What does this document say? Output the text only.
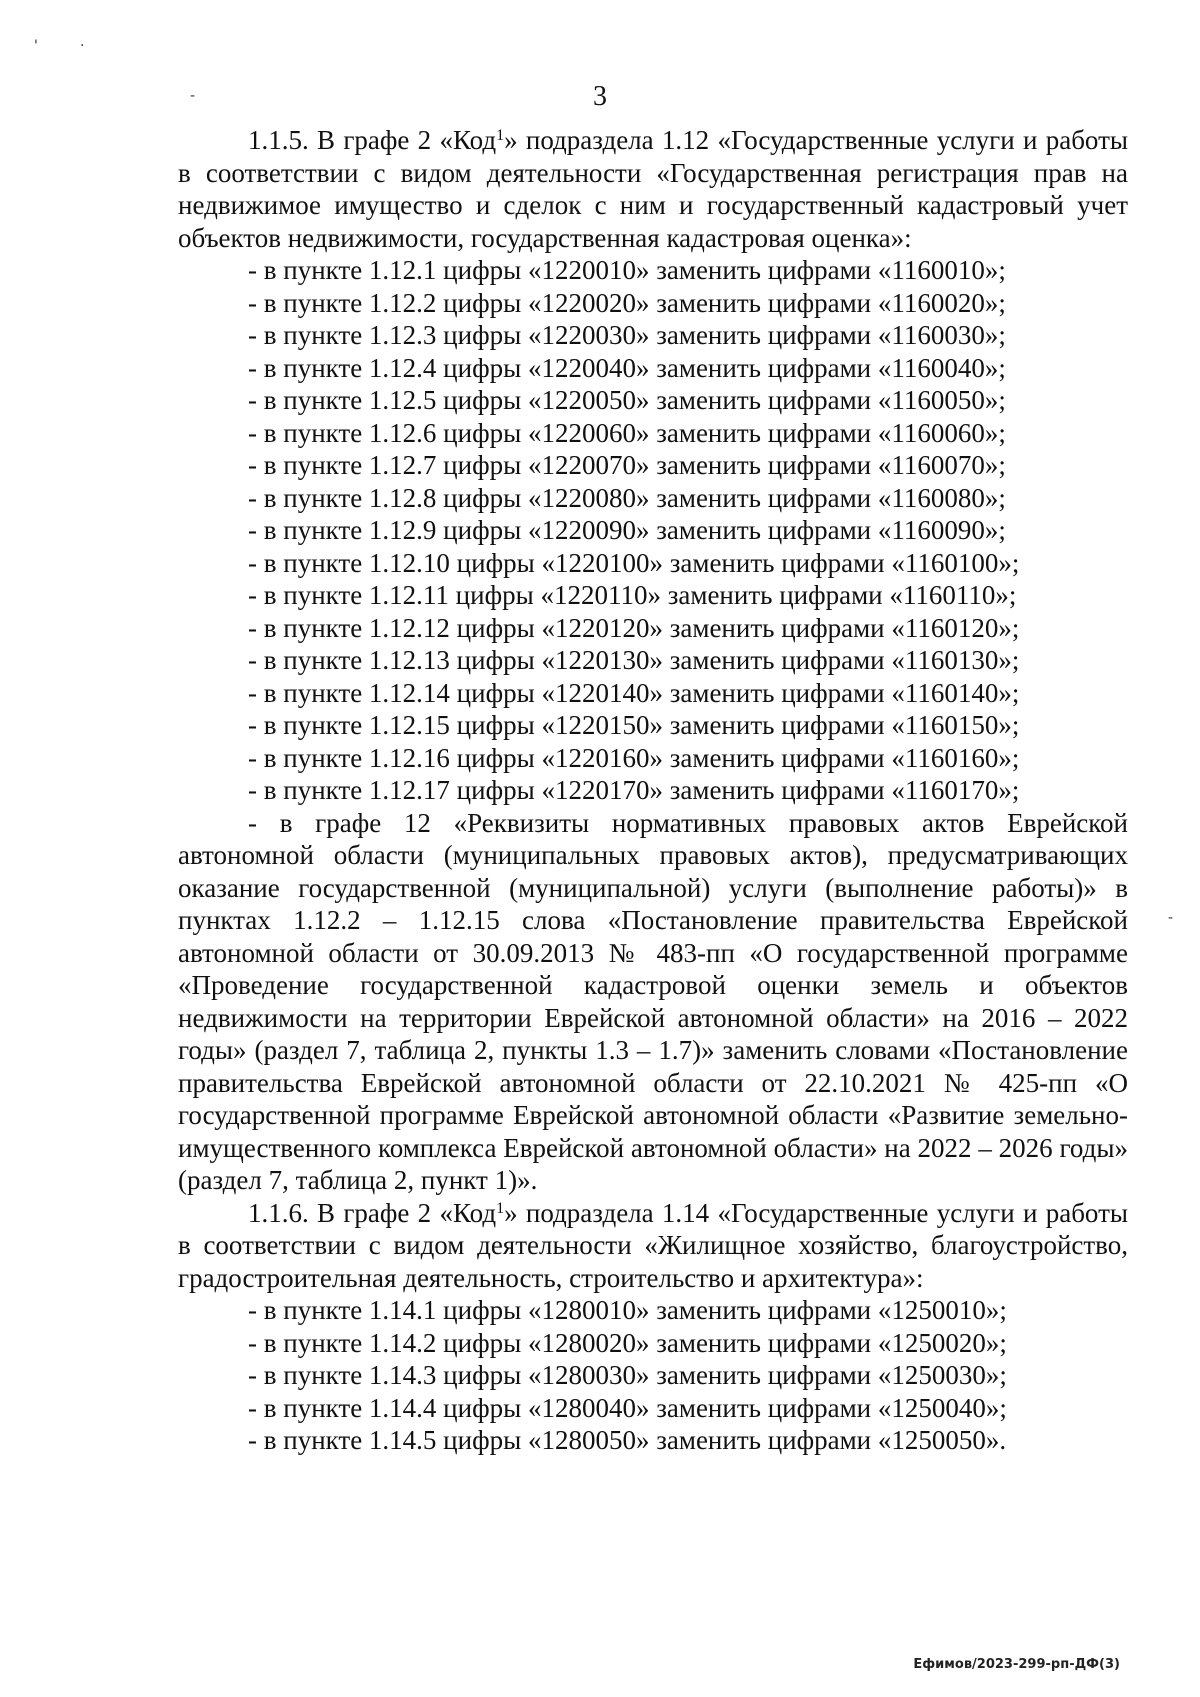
'	·
-
-
3

1.1.5. В графе 2 «Код$^1$» подраздела 1.12 «Государственные услуги и работы в соответствии с видом деятельности «Государственная регистрация прав на недвижимое имущество и сделок с ним и государственный кадастровый учет объектов недвижимости, государственная кадастровая оценка»:

- в пункте 1.12.1 цифры «1220010» заменить цифрами «1160010»;

- в пункте 1.12.2 цифры «1220020» заменить цифрами «1160020»;

- в пункте 1.12.3 цифры «1220030» заменить цифрами «1160030»;

- в пункте 1.12.4 цифры «1220040» заменить цифрами «1160040»;

- в пункте 1.12.5 цифры «1220050» заменить цифрами «1160050»;

- в пункте 1.12.6 цифры «1220060» заменить цифрами «1160060»;

- в пункте 1.12.7 цифры «1220070» заменить цифрами «1160070»;

- в пункте 1.12.8 цифры «1220080» заменить цифрами «1160080»;

- в пункте 1.12.9 цифры «1220090» заменить цифрами «1160090»;

- в пункте 1.12.10 цифры «1220100» заменить цифрами «1160100»;

- в пункте 1.12.11 цифры «1220110» заменить цифрами «1160110»;

- в пункте 1.12.12 цифры «1220120» заменить цифрами «1160120»;

- в пункте 1.12.13 цифры «1220130» заменить цифрами «1160130»;

- в пункте 1.12.14 цифры «1220140» заменить цифрами «1160140»;

- в пункте 1.12.15 цифры «1220150» заменить цифрами «1160150»;

- в пункте 1.12.16 цифры «1220160» заменить цифрами «1160160»;

- в пункте 1.12.17 цифры «1220170» заменить цифрами «1160170»;

- в графе 12 «Реквизиты нормативных правовых актов Еврейской автономной области (муниципальных правовых актов), предусматривающих оказание государственной (муниципальной) услуги (выполнение работы)» в пунктах 1.12.2 – 1.12.15 слова «Постановление правительства Еврейской автономной области от 30.09.2013 № 483-пп «О государственной программе «Проведение государственной кадастровой оценки земель и объектов недвижимости на территории Еврейской автономной области» на 2016 – 2022 годы» (раздел 7, таблица 2, пункты 1.3 – 1.7)» заменить словами «Постановление правительства Еврейской автономной области от 22.10.2021 № 425-пп «О государственной программе Еврейской автономной области «Развитие земельно-имущественного комплекса Еврейской автономной области» на 2022 – 2026 годы» (раздел 7, таблица 2, пункт 1)».

1.1.6. В графе 2 «Код$^1$» подраздела 1.14 «Государственные услуги и работы в соответствии с видом деятельности «Жилищное хозяйство, благоустройство, градостроительная деятельность, строительство и архитектура»:

- в пункте 1.14.1 цифры «1280010» заменить цифрами «1250010»;

- в пункте 1.14.2 цифры «1280020» заменить цифрами «1250020»;

- в пункте 1.14.3 цифры «1280030» заменить цифрами «1250030»;

- в пункте 1.14.4 цифры «1280040» заменить цифрами «1250040»;

- в пункте 1.14.5 цифры «1280050» заменить цифрами «1250050».

Ефимов/2023-299-рп-ДФ(3)
